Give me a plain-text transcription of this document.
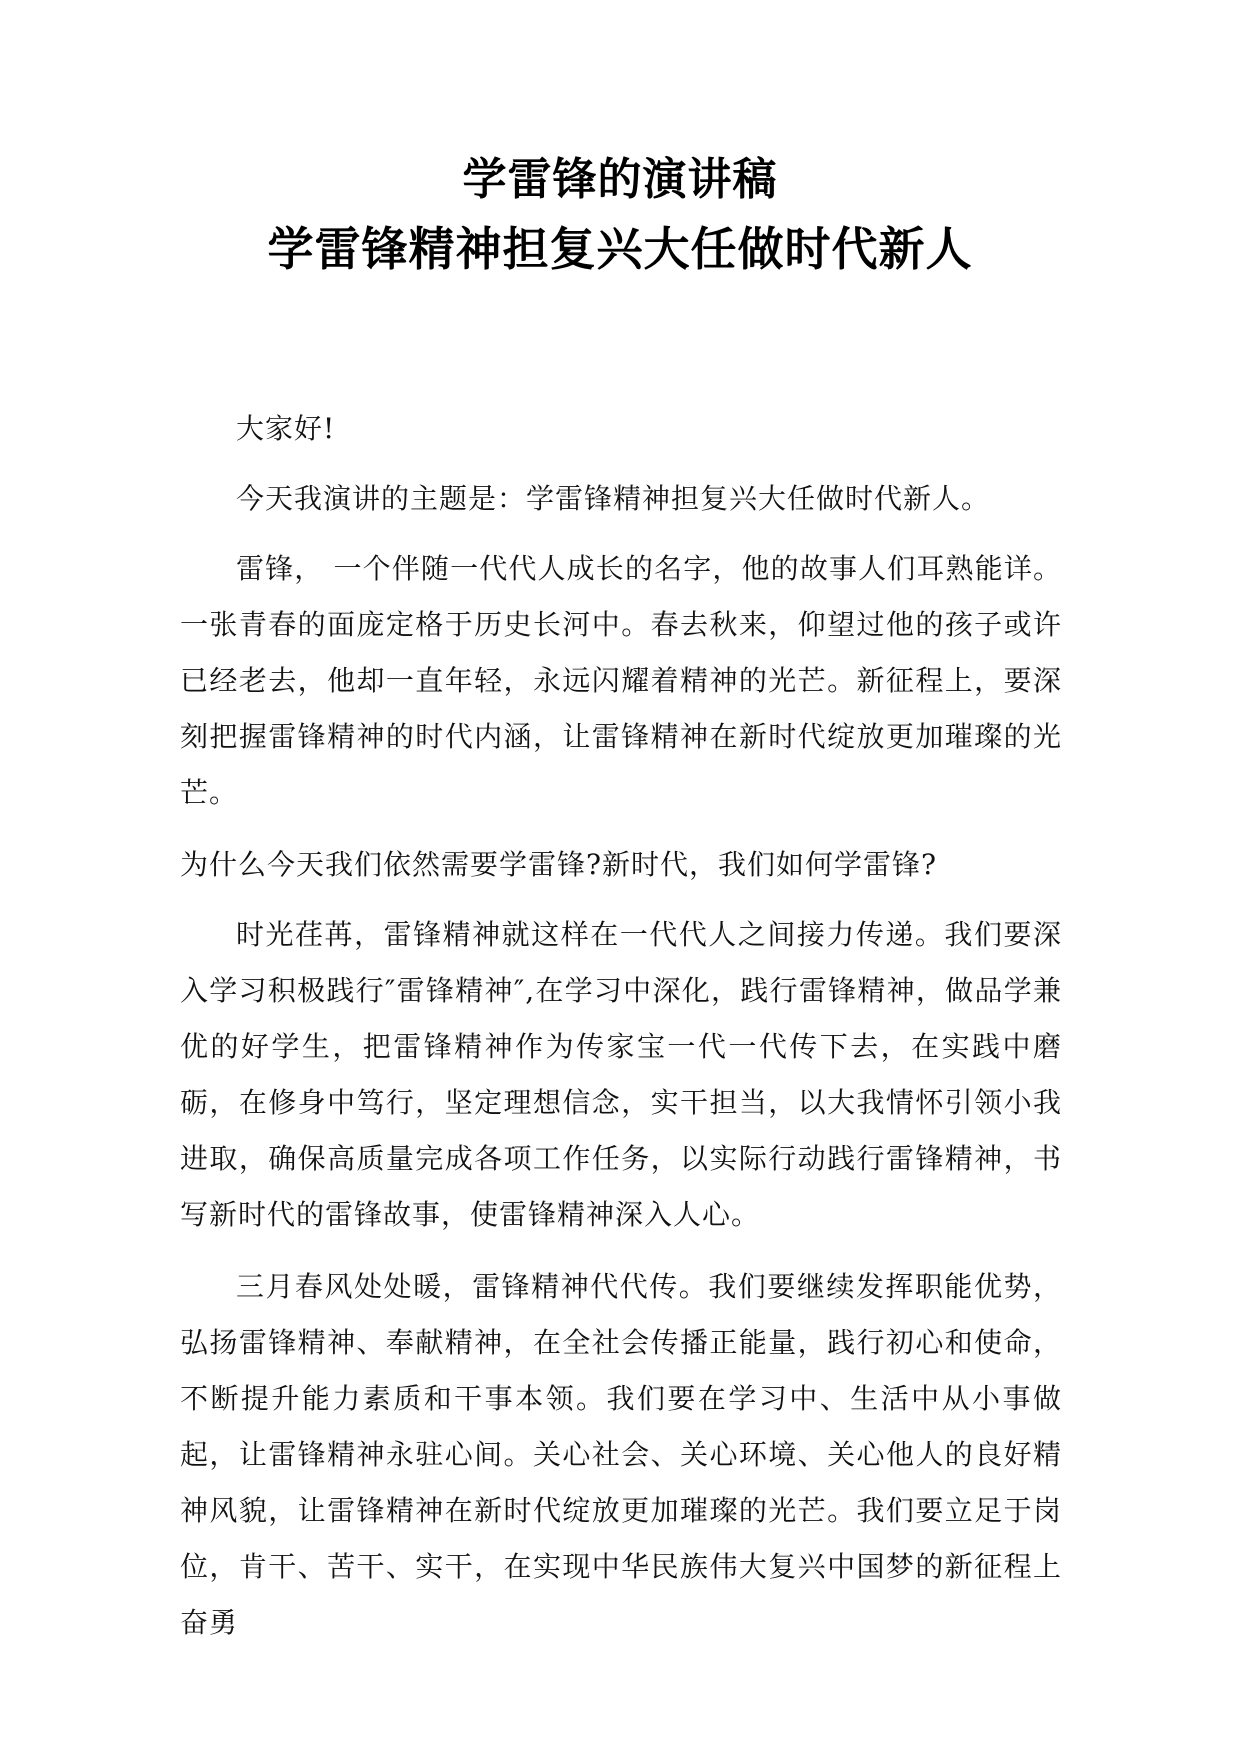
学雷锋的演讲稿
学雷锋精神担复兴大任做时代新人

大家好!

今天我演讲的主题是：学雷锋精神担复兴大任做时代新人。

雷锋， 一个伴随一代代人成长的名字，他的故事人们耳熟能详。一张青春的面庞定格于历史长河中。春去秋来，仰望过他的孩子或许已经老去，他却一直年轻，永远闪耀着精神的光芒。新征程上，要深刻把握雷锋精神的时代内涵，让雷锋精神在新时代绽放更加璀璨的光芒。

为什么今天我们依然需要学雷锋?新时代，我们如何学雷锋?

时光荏苒，雷锋精神就这样在一代代人之间接力传递。我们要深入学习积极践行″雷锋精神″,在学习中深化，践行雷锋精神，做品学兼优的好学生，把雷锋精神作为传家宝一代一代传下去，在实践中磨砺，在修身中笃行，坚定理想信念，实干担当，以大我情怀引领小我进取，确保高质量完成各项工作任务，以实际行动践行雷锋精神，书写新时代的雷锋故事，使雷锋精神深入人心。

三月春风处处暖，雷锋精神代代传。我们要继续发挥职能优势，弘扬雷锋精神、奉献精神，在全社会传播正能量，践行初心和使命，不断提升能力素质和干事本领。我们要在学习中、生活中从小事做起，让雷锋精神永驻心间。关心社会、关心环境、关心他人的良好精神风貌，让雷锋精神在新时代绽放更加璀璨的光芒。我们要立足于岗位，肯干、苦干、实干，在实现中华民族伟大复兴中国梦的新征程上奋勇
